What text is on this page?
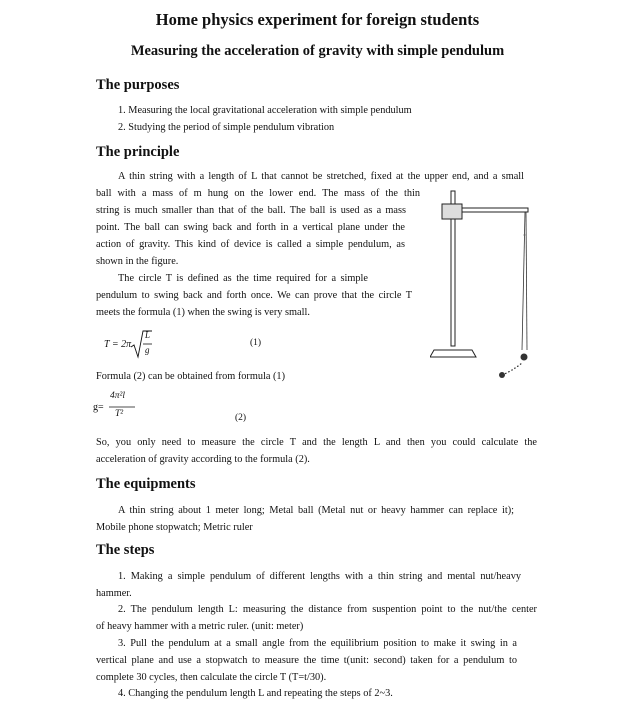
Home physics experiment for foreign students
Measuring the acceleration of gravity with simple pendulum
The purposes
1. Measuring the local gravitational acceleration with simple pendulum
2. Studying the period of simple pendulum vibration
The principle
A thin string with a length of L that cannot be stretched, fixed at the upper end, and a small
ball with a mass of m hung on the lower end. The mass of the thin
string is much smaller than that of the ball. The ball is used as a mass
point. The ball can swing back and forth in a vertical plane under the
action of gravity. This kind of device is called a simple pendulum, as
shown in the figure.
The circle T is defined as the time required for a simple
pendulum to swing back and forth once. We can prove that the circle T
meets the formula (1) when the swing is very small.
T = 2π
L
g
(1)
Formula (2) can be obtained from formula (1)
g=
4π²l
T²	(2)
So, you only need to measure the circle T and the length L and then you could calculate the
acceleration of gravity according to the formula (2).
The equipments
A thin string about 1 meter long; Metal ball (Metal nut or heavy hammer can replace it);
Mobile phone stopwatch; Metric ruler
The steps
1. Making a simple pendulum of different lengths with a thin string and mental nut/heavy
hammer.
2. The pendulum length L: measuring the distance from suspention point to the nut/the center
of heavy hammer with a metric ruler. (unit: meter)
3. Pull the pendulum at a small angle from the equilibrium position to make it swing in a
vertical plane and use a stopwatch to measure the time t(unit: second) taken for a pendulum to
complete 30 cycles, then calculate the circle T (T=t/30).
4. Changing the pendulum length L and repeating the steps of 2~3.
